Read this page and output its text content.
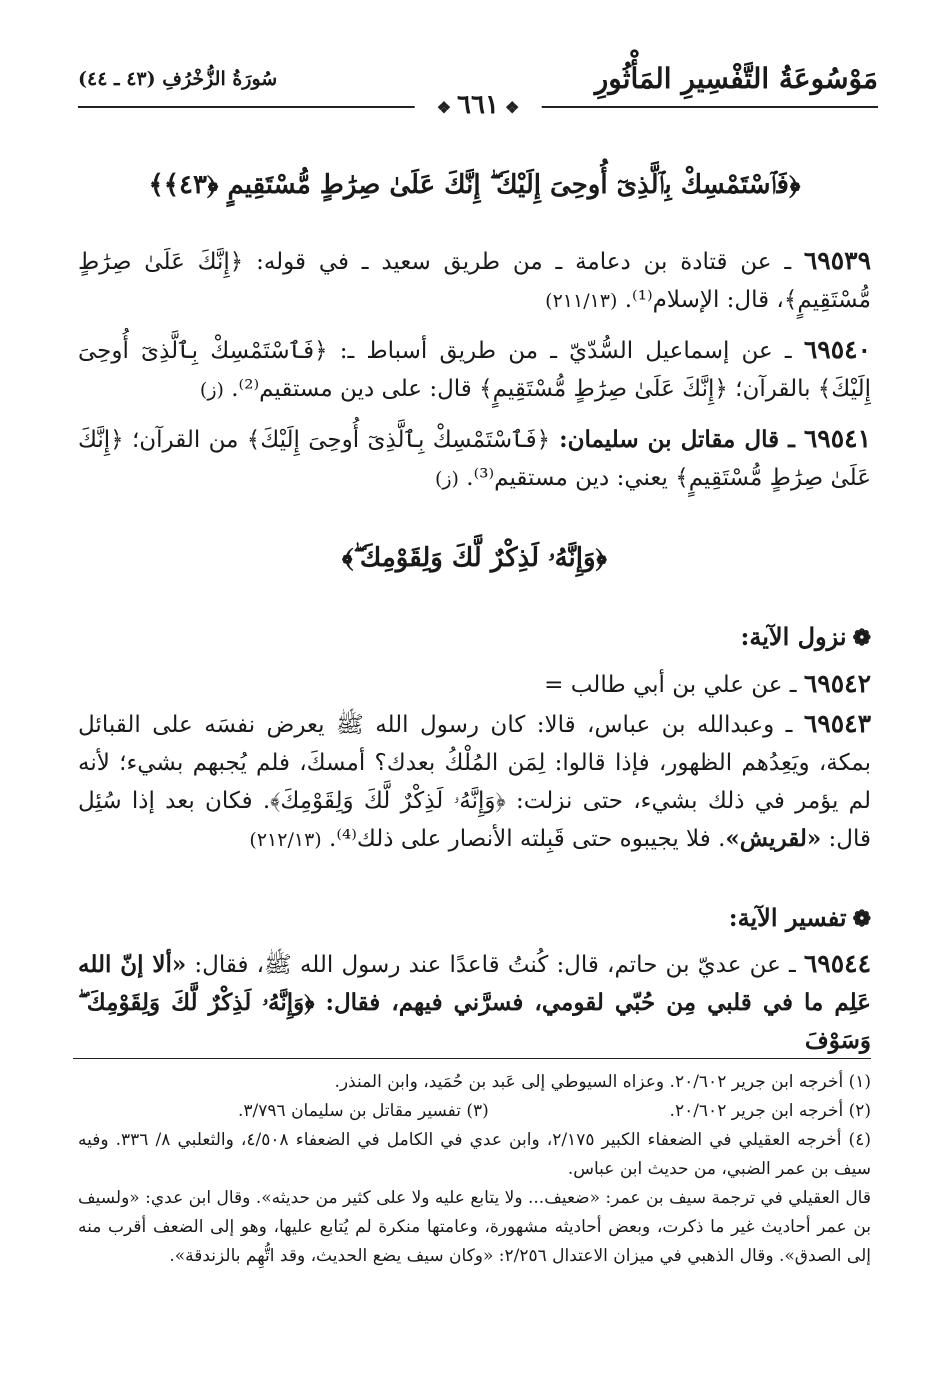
مَوْسُوعَةُ التَّفْسِيرِ المَأْثُورِ
سُورَةُ الزُّخْرُفِ (٤٣ ـ ٤٤)
❖٦٦١❖
﴿فَٱسْتَمْسِكْ بِٱلَّذِىٓ أُوحِىَ إِلَيْكَ ۖ إِنَّكَ عَلَىٰ صِرَٰطٍ مُّسْتَقِيمٍ ﴿٤٣﴾﴾

٦٩٥٣٩ ـ عن قتادة بن دعامة ـ من طريق سعيد ـ في قوله: ﴿إِنَّكَ عَلَىٰ صِرَٰطٍ مُّسْتَقِيمٍ﴾، قال: الإسلام⁽¹⁾. (٢١١/١٣)

٦٩٥٤٠ ـ عن إسماعيل السُّدّيّ ـ من طريق أسباط ـ: ﴿فَٱسْتَمْسِكْ بِٱلَّذِىٓ أُوحِىَ إِلَيْكَ﴾ بالقرآن؛ ﴿إِنَّكَ عَلَىٰ صِرَٰطٍ مُّسْتَقِيمٍ﴾ قال: على دين مستقيم⁽²⁾. (ز)

٦٩٥٤١ ـ قال مقاتل بن سليمان: ﴿فَٱسْتَمْسِكْ بِٱلَّذِىٓ أُوحِىَ إِلَيْكَ﴾ من القرآن؛ ﴿إِنَّكَ عَلَىٰ صِرَٰطٍ مُّسْتَقِيمٍ﴾ يعني: دين مستقيم⁽³⁾. (ز)

﴿وَإِنَّهُۥ لَذِكْرٌ لَّكَ وَلِقَوْمِكَ ۖ﴾
❁نزول الآية:

٦٩٥٤٢ ـ عن علي بن أبي طالب =

٦٩٥٤٣ ـ وعبدالله بن عباس، قالا: كان رسول الله ﷺ يعرض نفسَه على القبائل بمكة، ويَعِدُهم الظهور، فإذا قالوا: لِمَن المُلْكُ بعدك؟ أمسكَ، فلم يُجبهم بشيء؛ لأنه لم يؤمر في ذلك بشيء، حتى نزلت: ﴿وَإِنَّهُۥ لَذِكْرٌ لَّكَ وَلِقَوْمِكَ﴾. فكان بعد إذا سُئِل قال: «لقريش». فلا يجيبوه حتى قَبِلته الأنصار على ذلك⁽⁴⁾. (٢١٢/١٣)

❁تفسير الآية:

٦٩٥٤٤ ـ عن عديّ بن حاتم، قال: كُنتُ قاعدًا عند رسول الله ﷺ، فقال: «ألا إنّ الله عَلِم ما في قلبي مِن حُبّي لقومي، فسرَّني فيهم، فقال: ﴿وَإِنَّهُۥ لَذِكْرٌ لَّكَ وَلِقَوْمِكَ ۖ وَسَوْفَ

(١) أخرجه ابن جرير ٢٠/٦٠٢. وعزاه السيوطي إلى عَبد بن حُمَيد، وابن المنذر.

(٢) أخرجه ابن جرير ٢٠/٦٠٢.
(٣) تفسير مقاتل بن سليمان ٣/٧٩٦.

(٤) أخرجه العقيلي في الضعفاء الكبير ٢/١٧٥، وابن عدي في الكامل في الضعفاء ٤/٥٠٨، والثعلبي ٨/ ٣٣٦. وفيه سيف بن عمر الضبي، من حديث ابن عباس.

قال العقيلي في ترجمة سيف بن عمر: «ضعيف... ولا يتابع عليه ولا على كثير من حديثه». وقال ابن عدي: «ولسيف بن عمر أحاديث غير ما ذكرت، وبعض أحاديثه مشهورة، وعامتها منكرة لم يُتابع عليها، وهو إلى الضعف أقرب منه إلى الصدق». وقال الذهبي في ميزان الاعتدال ٢/٢٥٦: «وكان سيف يضع الحديث، وقد اتُّهِم بالزندقة».
